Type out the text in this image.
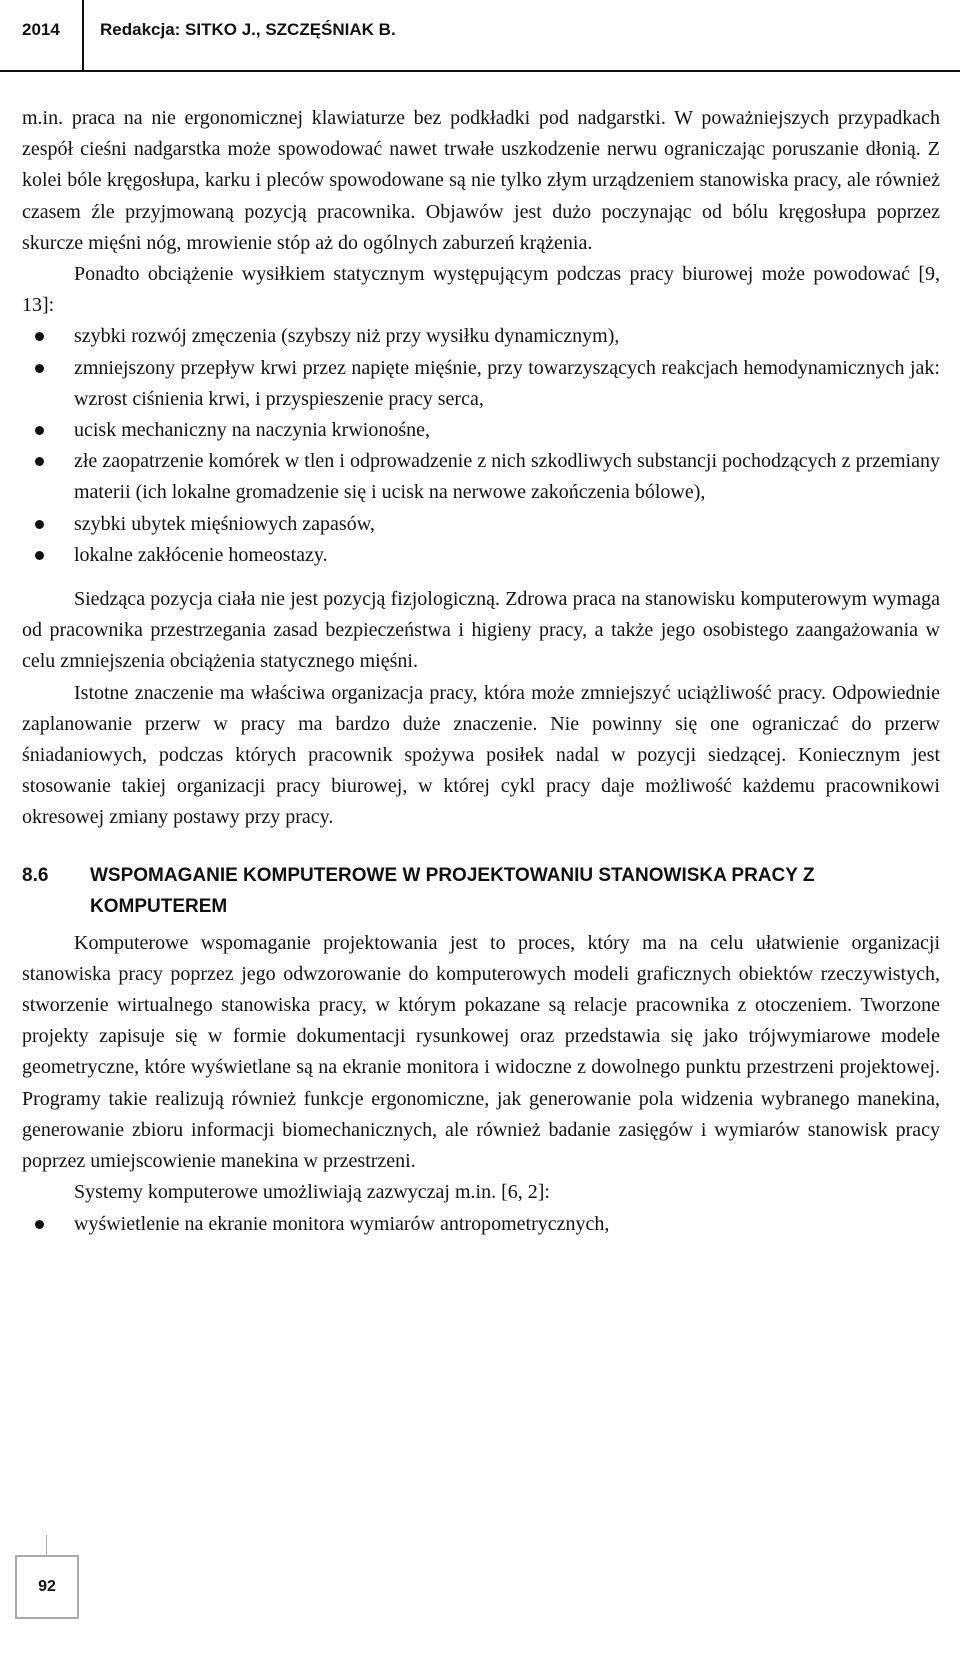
2014 Redakcja: SITKO J., SZCZĘŚNIAK B.

m.in. praca na nie ergonomicznej klawiaturze bez podkładki pod nadgarstki. W poważniejszych przypadkach zespół cieśni nadgarstka może spowodować nawet trwałe uszkodzenie nerwu ograniczając poruszanie dłonią. Z kolei bóle kręgosłupa, karku i pleców spowodowane są nie tylko złym urządzeniem stanowiska pracy, ale również czasem źle przyjmowaną pozycją pracownika. Objawów jest dużo poczynając od bólu kręgosłupa poprzez skurcze mięśni nóg, mrowienie stóp aż do ogólnych zaburzeń krążenia.

Ponadto obciążenie wysiłkiem statycznym występującym podczas pracy biurowej może powodować [9, 13]:

szybki rozwój zmęczenia (szybszy niż przy wysiłku dynamicznym),
zmniejszony przepływ krwi przez napięte mięśnie, przy towarzyszących reakcjach hemodynamicznych jak: wzrost ciśnienia krwi, i przyspieszenie pracy serca,
ucisk mechaniczny na naczynia krwionośne,
złe zaopatrzenie komórek w tlen i odprowadzenie z nich szkodliwych substancji pochodzących z przemiany materii (ich lokalne gromadzenie się i ucisk na nerwowe zakończenia bólowe),
szybki ubytek mięśniowych zapasów,
lokalne zakłócenie homeostazy.

Siedząca pozycja ciała nie jest pozycją fizjologiczną. Zdrowa praca na stanowisku komputerowym wymaga od pracownika przestrzegania zasad bezpieczeństwa i higieny pracy, a także jego osobistego zaangażowania w celu zmniejszenia obciążenia statycznego mięśni.

Istotne znaczenie ma właściwa organizacja pracy, która może zmniejszyć uciążliwość pracy. Odpowiednie zaplanowanie przerw w pracy ma bardzo duże znaczenie. Nie powinny się one ograniczać do przerw śniadaniowych, podczas których pracownik spożywa posiłek nadal w pozycji siedzącej. Koniecznym jest stosowanie takiej organizacji pracy biurowej, w której cykl pracy daje możliwość każdemu pracownikowi okresowej zmiany postawy przy pracy.

8.6 WSPOMAGANIE KOMPUTEROWE W PROJEKTOWANIU STANOWISKA PRACY Z KOMPUTEREM

Komputerowe wspomaganie projektowania jest to proces, który ma na celu ułatwienie organizacji stanowiska pracy poprzez jego odwzorowanie do komputerowych modeli graficznych obiektów rzeczywistych, stworzenie wirtualnego stanowiska pracy, w którym pokazane są relacje pracownika z otoczeniem. Tworzone projekty zapisuje się w formie dokumentacji rysunkowej oraz przedstawia się jako trójwymiarowe modele geometryczne, które wyświetlane są na ekranie monitora i widoczne z dowolnego punktu przestrzeni projektowej. Programy takie realizują również funkcje ergonomiczne, jak generowanie pola widzenia wybranego manekina, generowanie zbioru informacji biomechanicznych, ale również badanie zasięgów i wymiarów stanowisk pracy poprzez umiejscowienie manekina w przestrzeni.

Systemy komputerowe umożliwiają zazwyczaj m.in. [6, 2]:

wyświetlenie na ekranie monitora wymiarów antropometrycznych,
92
